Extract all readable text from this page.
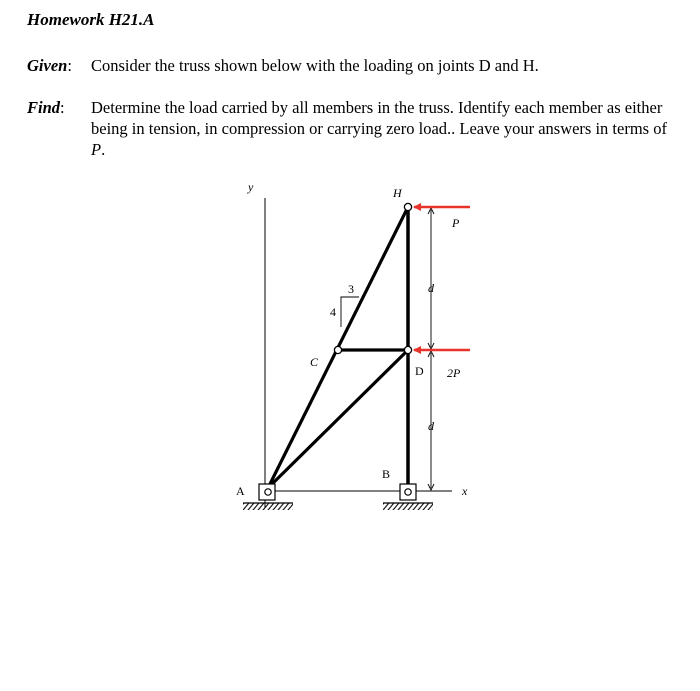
Homework H21.A
Given: Consider the truss shown below with the loading on joints D and H.
Find: Determine the load carried by all members in the truss. Identify each member as either being in tension, in compression or carrying zero load.. Leave your answers in terms of P.
y
x
3
4
A
B
C
D
H
d
d
P
2P
